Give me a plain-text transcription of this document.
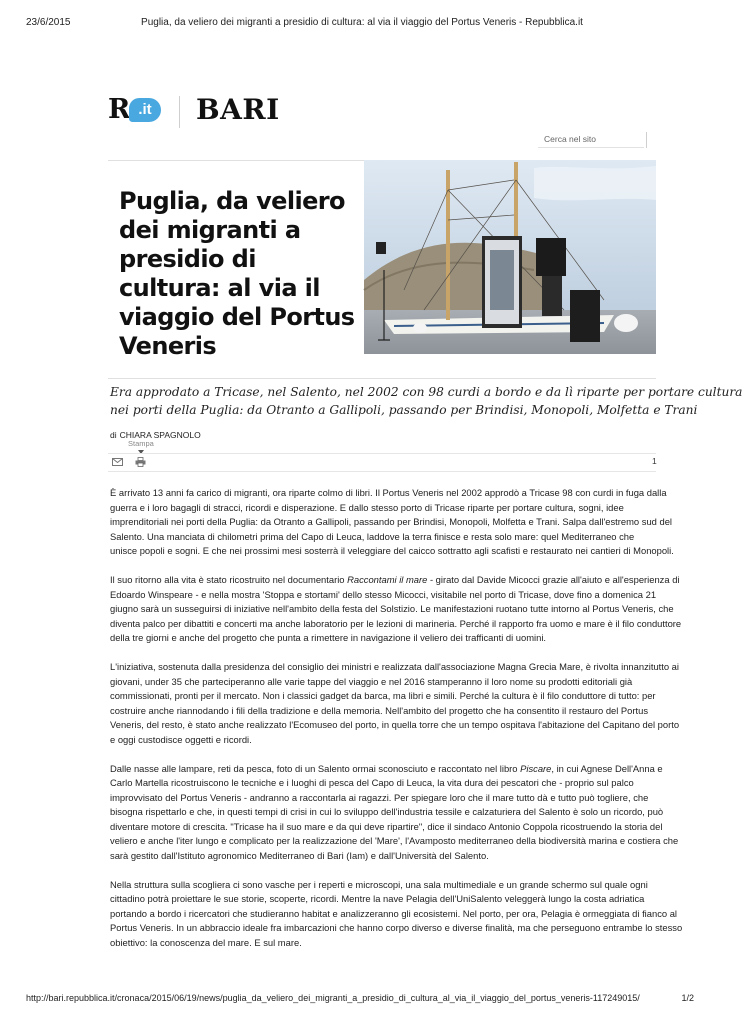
23/6/2015	Puglia, da veliero dei migranti a presidio di cultura: al via il viaggio del Portus Veneris - Repubblica.it
R .it	BARI
Cerca nel sito
Puglia, da veliero dei migranti a presidio di cultura: al via il viaggio del Portus Veneris
Era approdato a Tricase, nel Salento, nel 2002 con 98 curdi a bordo e da lì riparte per portare cultura
nei porti della Puglia: da Otranto a Gallipoli, passando per Brindisi, Monopoli, Molfetta e Trani
di CHIARA SPAGNOLO
Stampa
1

È arrivato 13 anni fa carico di migranti, ora riparte colmo di libri. Il Portus Veneris nel 2002 approdò a Tricase 98 con curdi in fuga dalla
guerra e i loro bagagli di stracci, ricordi e disperazione. E dallo stesso porto di Tricase riparte per portare cultura, sogni, idee
imprenditoriali nei porti della Puglia: da Otranto a Gallipoli, passando per Brindisi, Monopoli, Molfetta e Trani. Salpa dall'estremo sud del
Salento. Una manciata di chilometri prima del Capo di Leuca, laddove la terra finisce e resta solo mare: quel Mediterraneo che
unisce popoli e sogni. E che nei prossimi mesi sosterrà il veleggiare del caicco sottratto agli scafisti e restaurato nei cantieri di Monopoli.

Il suo ritorno alla vita è stato ricostruito nel documentario Raccontami il mare - girato dal Davide Micocci grazie all'aiuto e all'esperienza di
Edoardo Winspeare - e nella mostra 'Stoppa e stortami' dello stesso Micocci, visitabile nel porto di Tricase, dove fino a domenica 21
giugno sarà un susseguirsi di iniziative nell'ambito della festa del Solstizio. Le manifestazioni ruotano tutte intorno al Portus Veneris, che
diventa palco per dibattiti e concerti ma anche laboratorio per le lezioni di marineria. Perché il rapporto fra uomo e mare è il filo conduttore
della tre giorni e anche del progetto che punta a rimettere in navigazione il veliero dei trafficanti di uomini.

L'iniziativa, sostenuta dalla presidenza del consiglio dei ministri e realizzata dall'associazione Magna Grecia Mare, è rivolta innanzitutto ai
giovani, under 35 che parteciperanno alle varie tappe del viaggio e nel 2016 stamperanno il loro nome su prodotti editoriali già
commissionati, pronti per il mercato. Non i classici gadget da barca, ma libri e simili. Perché la cultura è il filo conduttore di tutto: per
costruire anche riannodando i fili della tradizione e della memoria. Nell'ambito del progetto che ha consentito il restauro del Portus
Veneris, del resto, è stato anche realizzato l'Ecomuseo del porto, in quella torre che un tempo ospitava l'abitazione del Capitano del porto
e oggi custodisce oggetti e ricordi.

Dalle nasse alle lampare, reti da pesca, foto di un Salento ormai sconosciuto e raccontato nel libro Piscare, in cui Agnese Dell'Anna e
Carlo Martella ricostruiscono le tecniche e i luoghi di pesca del Capo di Leuca, la vita dura dei pescatori che - proprio sul palco
improvvisato del Portus Veneris - andranno a raccontarla ai ragazzi. Per spiegare loro che il mare tutto dà e tutto può togliere, che
bisogna rispettarlo e che, in questi tempi di crisi in cui lo sviluppo dell'industria tessile e calzaturiera del Salento è solo un ricordo, può
diventare motore di crescita. "Tricase ha il suo mare e da qui deve ripartire", dice il sindaco Antonio Coppola ricostruendo la storia del
veliero e anche l'iter lungo e complicato per la realizzazione del 'Mare', l'Avamposto mediterraneo della biodiversità marina e costiera che
sarà gestito dall'Istituto agronomico Mediterraneo di Bari (Iam) e dall'Università del Salento.

Nella struttura sulla scogliera ci sono vasche per i reperti e microscopi, una sala multimediale e un grande schermo sul quale ogni
cittadino potrà proiettare le sue storie, scoperte, ricordi. Mentre la nave Pelagia dell'UniSalento veleggerà lungo la costa adriatica
portando a bordo i ricercatori che studieranno habitat e analizzeranno gli ecosistemi. Nel porto, per ora, Pelagia è ormeggiata di fianco al
Portus Veneris. In un abbraccio ideale fra imbarcazioni che hanno corpo diverso e diverse finalità, ma che perseguono entrambe lo stesso
obiettivo: la conoscenza del mare. E sul mare.

http://bari.repubblica.it/cronaca/2015/06/19/news/puglia_da_veliero_dei_migranti_a_presidio_di_cultura_al_via_il_viaggio_del_portus_veneris-117249015/	1/2
